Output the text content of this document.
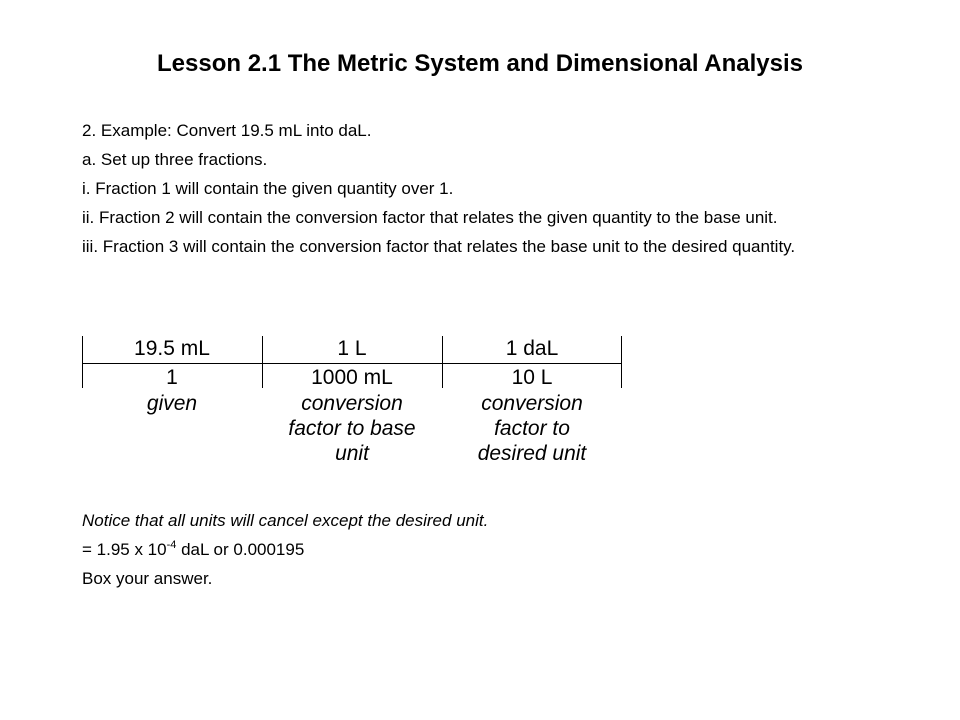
Lesson 2.1 The Metric System and Dimensional Analysis

2. Example: Convert 19.5 mL into daL.

a. Set up three fractions.

i. Fraction 1 will contain the given quantity over 1.

ii. Fraction 2 will contain the conversion factor that relates the given quantity to the base unit.

iii. Fraction 3 will contain the conversion factor that relates the base unit to the desired quantity.

19.5 mL
1
given
1 L
1000 mL
conversion
factor to base
unit
1 daL
10 L
conversion
factor to
desired unit

Notice that all units will cancel except the desired unit.

= 1.95 x $10^{-4}$ daL or 0.000195

Box your answer.
